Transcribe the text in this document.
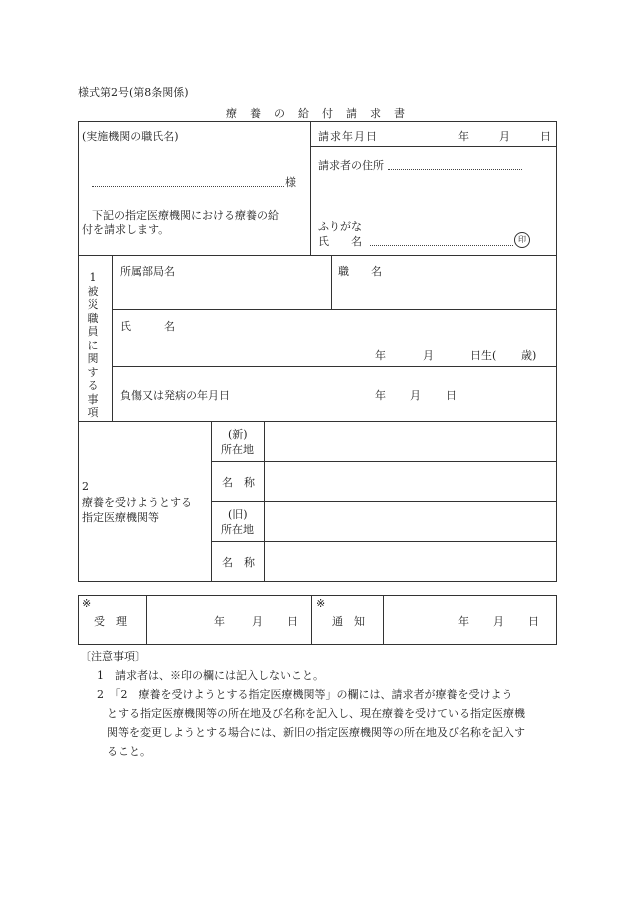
様式第2号(第8条関係)
療　養　の　給　付　請　求　書
(実施機関の職氏名)
様
下記の指定医療機関における療養の給
付を請求します。
請求年月日	年	月	日
請求者の住所
ふりがな
氏　　名	印
1
被
災
職
員
に
関
す
る
事
項
所属部局名	職　　名
氏　　　名
年	月	日生( 歳)
負傷又は発病の年月日	年 月 日
2
療養を受けようとする
指定医療機関等
(新)
所在地
名　称
(旧)
所在地
名　称
※
受　理	年 月 日
※
通　知	年 月 日
〔注意事項〕
1　請求者は、※印の欄には記入しないこと。
2　「2　療養を受けようとする指定医療機関等」の欄には、請求者が療養を受けよう
とする指定医療機関等の所在地及び名称を記入し、現在療養を受けている指定医療機
関等を変更しようとする場合には、新旧の指定医療機関等の所在地及び名称を記入す
ること。
